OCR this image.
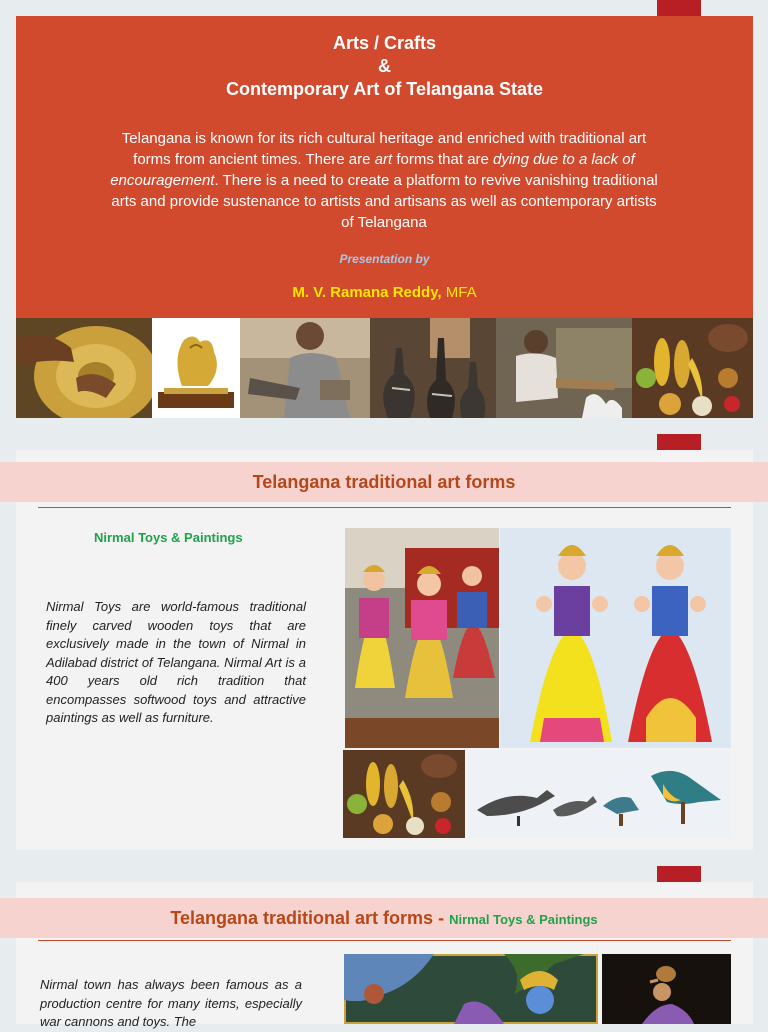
Arts / Crafts
&
Contemporary Art of Telangana State
Telangana is known for its rich cultural heritage and enriched with traditional art forms from ancient times. There are art forms that are dying due to a lack of encouragement. There is a need to create a platform to revive vanishing traditional arts and provide sustenance to artists and artisans as well as contemporary artists of Telangana
Presentation by
M. V. Ramana Reddy, MFA
Telangana traditional art forms
Nirmal Toys & Paintings
Nirmal Toys are world-famous traditional finely carved wooden toys that are exclusively made in the town of Nirmal in Adilabad district of Telangana. Nirmal Art is a 400 years old rich tradition that encompasses softwood toys and attractive paintings as well as furniture.
Telangana traditional art forms - Nirmal Toys & Paintings
Nirmal town has always been famous as a production centre for many items, especially war cannons and toys. The
